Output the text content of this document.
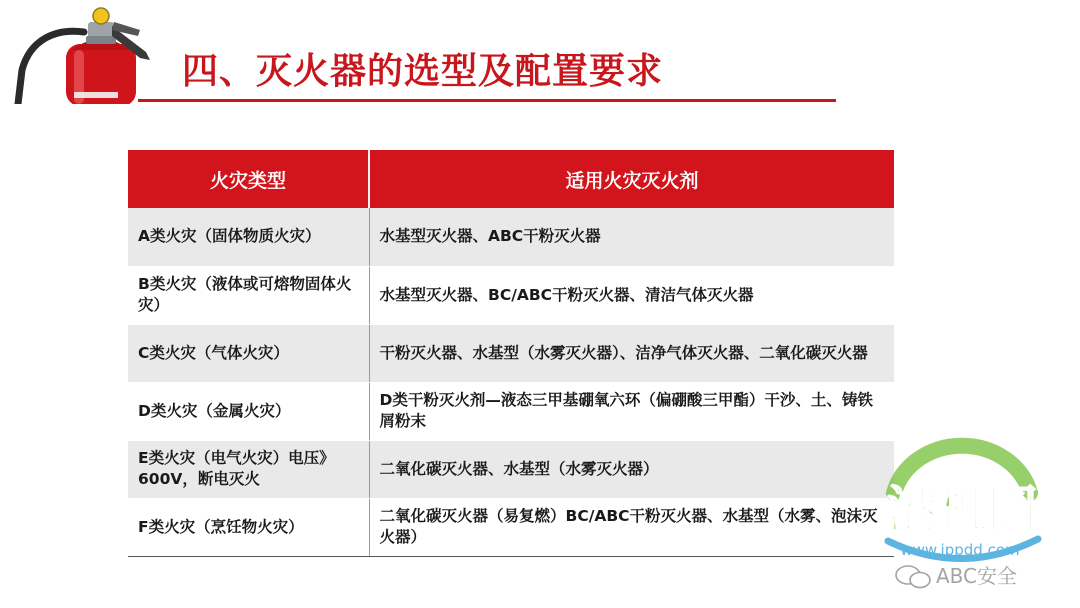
四、灭火器的选型及配置要求
火灾类型	适用火灾灭火剂
A类火灾（固体物质火灾）	水基型灭火器、ABC干粉灭火器
B类火灾（液体或可熔物固体火灾）	水基型灭火器、BC/ABC干粉灭火器、清洁气体灭火器
C类火灾（气体火灾）	干粉灭火器、水基型（水雾灭火器）、洁净气体灭火器、二氧化碳灭火器
D类火灾（金属火灾）	D类干粉灭火剂—液态三甲基硼氧六环（偏硼酸三甲酯）干沙、土、铸铁屑粉末
E类火灾（电气火灾）电压》600V，断电灭火	二氧化碳灭火器、水基型（水雾灭火器）
F类火灾（烹饪物火灾）	二氧化碳灭火器（易复燃）BC/ABC干粉灭火器、水基型（水雾、泡沫灭火器）	港机圈
www.ippdd.com
ABC安全
